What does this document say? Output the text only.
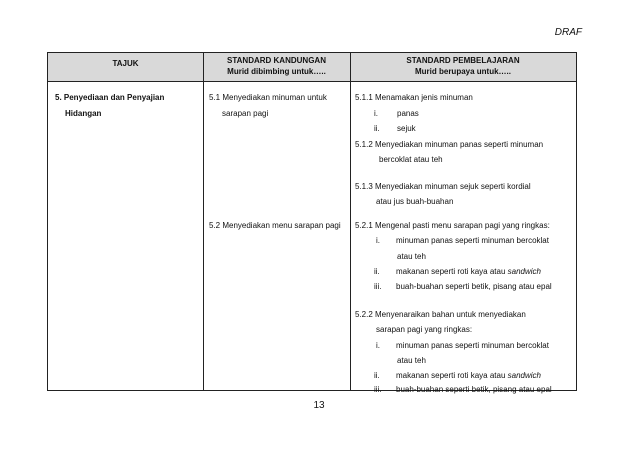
DRAF
TAJUK	STANDARD KANDUNGAN
Murid dibimbing untuk…..
STANDARD PEMBELAJARAN
Murid berupaya untuk…..
5. Penyediaan dan Penyajian
Hidangan
5.1 Menyediakan minuman untuk
sarapan pagi
5.2 Menyediakan menu sarapan pagi
5.1.1 Menamakan jenis minuman
i. panas
ii. sejuk
5.1.2 Menyediakan minuman panas seperti minuman
bercoklat atau teh
5.1.3 Menyediakan minuman sejuk seperti kordial
atau jus buah-buahan
5.2.1 Mengenal pasti menu sarapan pagi yang ringkas:
i. minuman panas seperti minuman bercoklat
atau teh
ii. makanan seperti roti kaya atau sandwich
iii. buah-buahan seperti betik, pisang atau epal
5.2.2 Menyenaraikan bahan untuk menyediakan
sarapan pagi yang ringkas:
i. minuman panas seperti minuman bercoklat
atau teh
ii. makanan seperti roti kaya atau sandwich
iii. buah-buahan seperti betik, pisang atau epal
13
